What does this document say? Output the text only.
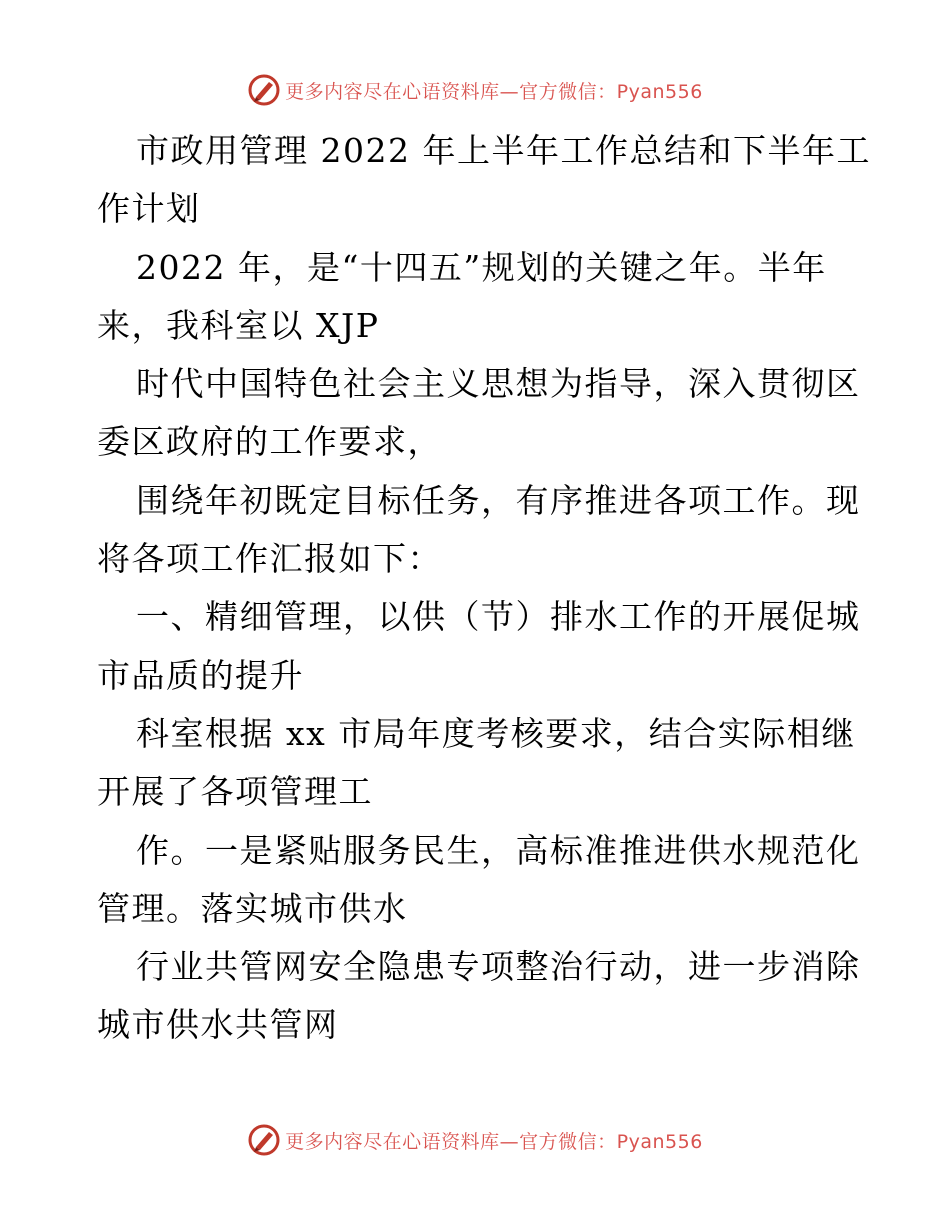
更多内容尽在心语资料库—官方微信：Pyan556
市政用管理 2022 年上半年工作总结和下半年工
作计划
2022 年，是“十四五”规划的关键之年。半年
来，我科室以 XJP
时代中国特色社会主义思想为指导，深入贯彻区
委区政府的工作要求，
围绕年初既定目标任务，有序推进各项工作。现
将各项工作汇报如下：
一、精细管理，以供（节）排水工作的开展促城
市品质的提升
科室根据 xx 市局年度考核要求，结合实际相继
开展了各项管理工
作。一是紧贴服务民生，高标准推进供水规范化
管理。落实城市供水
行业共管网安全隐患专项整治行动，进一步消除
城市供水共管网
更多内容尽在心语资料库—官方微信：Pyan556
